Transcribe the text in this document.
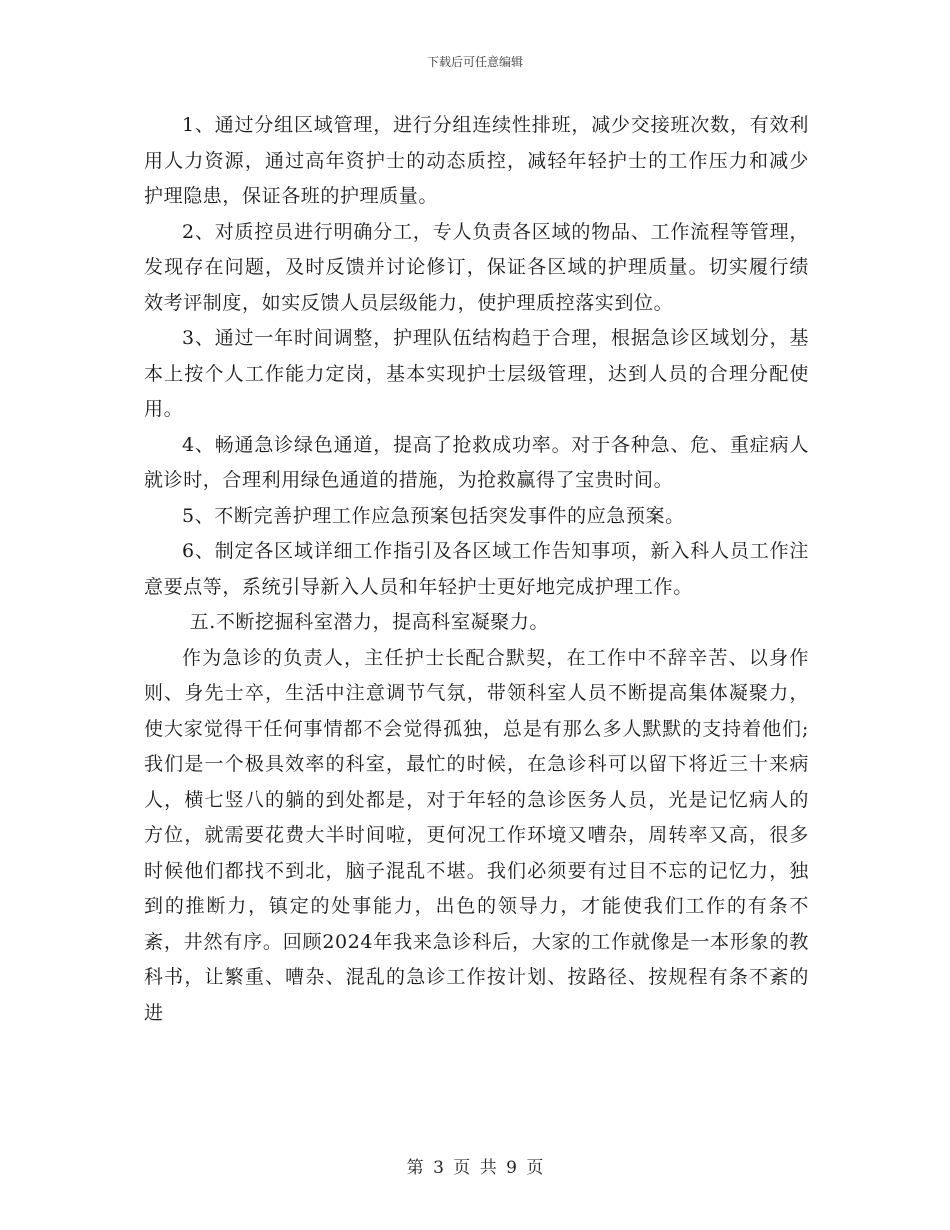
下载后可任意编辑

1、通过分组区域管理，进行分组连续性排班，减少交接班次数，有效利用人力资源，通过高年资护士的动态质控，减轻年轻护士的工作压力和减少护理隐患，保证各班的护理质量。

2、对质控员进行明确分工，专人负责各区域的物品、工作流程等管理，发现存在问题，及时反馈并讨论修订，保证各区域的护理质量。切实履行绩效考评制度，如实反馈人员层级能力，使护理质控落实到位。

3、通过一年时间调整，护理队伍结构趋于合理，根据急诊区域划分，基本上按个人工作能力定岗，基本实现护士层级管理，达到人员的合理分配使用。

4、畅通急诊绿色通道，提高了抢救成功率。对于各种急、危、重症病人就诊时，合理利用绿色通道的措施，为抢救赢得了宝贵时间。

5、不断完善护理工作应急预案包括突发事件的应急预案。

6、制定各区域详细工作指引及各区域工作告知事项，新入科人员工作注意要点等，系统引导新入人员和年轻护士更好地完成护理工作。

五.不断挖掘科室潜力，提高科室凝聚力。

作为急诊的负责人，主任护士长配合默契，在工作中不辞辛苦、以身作则、身先士卒，生活中注意调节气氛，带领科室人员不断提高集体凝聚力，使大家觉得干任何事情都不会觉得孤独，总是有那么多人默默的支持着他们;我们是一个极具效率的科室，最忙的时候，在急诊科可以留下将近三十来病人，横七竖八的躺的到处都是，对于年轻的急诊医务人员，光是记忆病人的方位，就需要花费大半时间啦，更何况工作环境又嘈杂，周转率又高，很多时候他们都找不到北，脑子混乱不堪。我们必须要有过目不忘的记忆力，独到的推断力，镇定的处事能力，出色的领导力，才能使我们工作的有条不紊，井然有序。回顾2024年我来急诊科后，大家的工作就像是一本形象的教科书，让繁重、嘈杂、混乱的急诊工作按计划、按路径、按规程有条不紊的进

第 3 页 共 9 页
